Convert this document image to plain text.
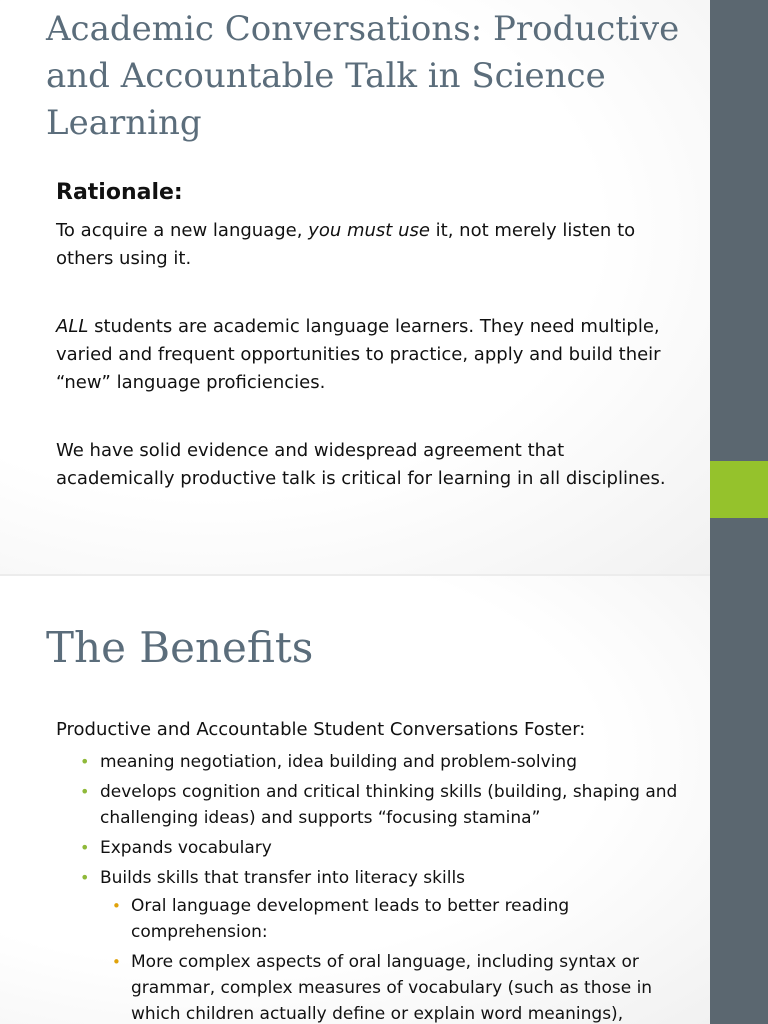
Academic Conversations: Productive and Accountable Talk in Science Learning
Rationale:

To acquire a new language, you must use it, not merely listen to others using it.

ALL students are academic language learners. They need multiple, varied and frequent opportunities to practice, apply and build their “new” language proficiencies.

We have solid evidence and widespread agreement that academically productive talk is critical for learning in all disciplines.

The Benefits

Productive and Accountable Student Conversations Foster:

• meaning negotiation, idea building and problem-solving
• develops cognition and critical thinking skills (building, shaping and challenging ideas) and supports “focusing stamina”
• Expands vocabulary
• Builds skills that transfer into literacy skills
• Oral language development leads to better reading comprehension:
• More complex aspects of oral language, including syntax or grammar, complex measures of vocabulary (such as those in which children actually define or explain word meanings),
